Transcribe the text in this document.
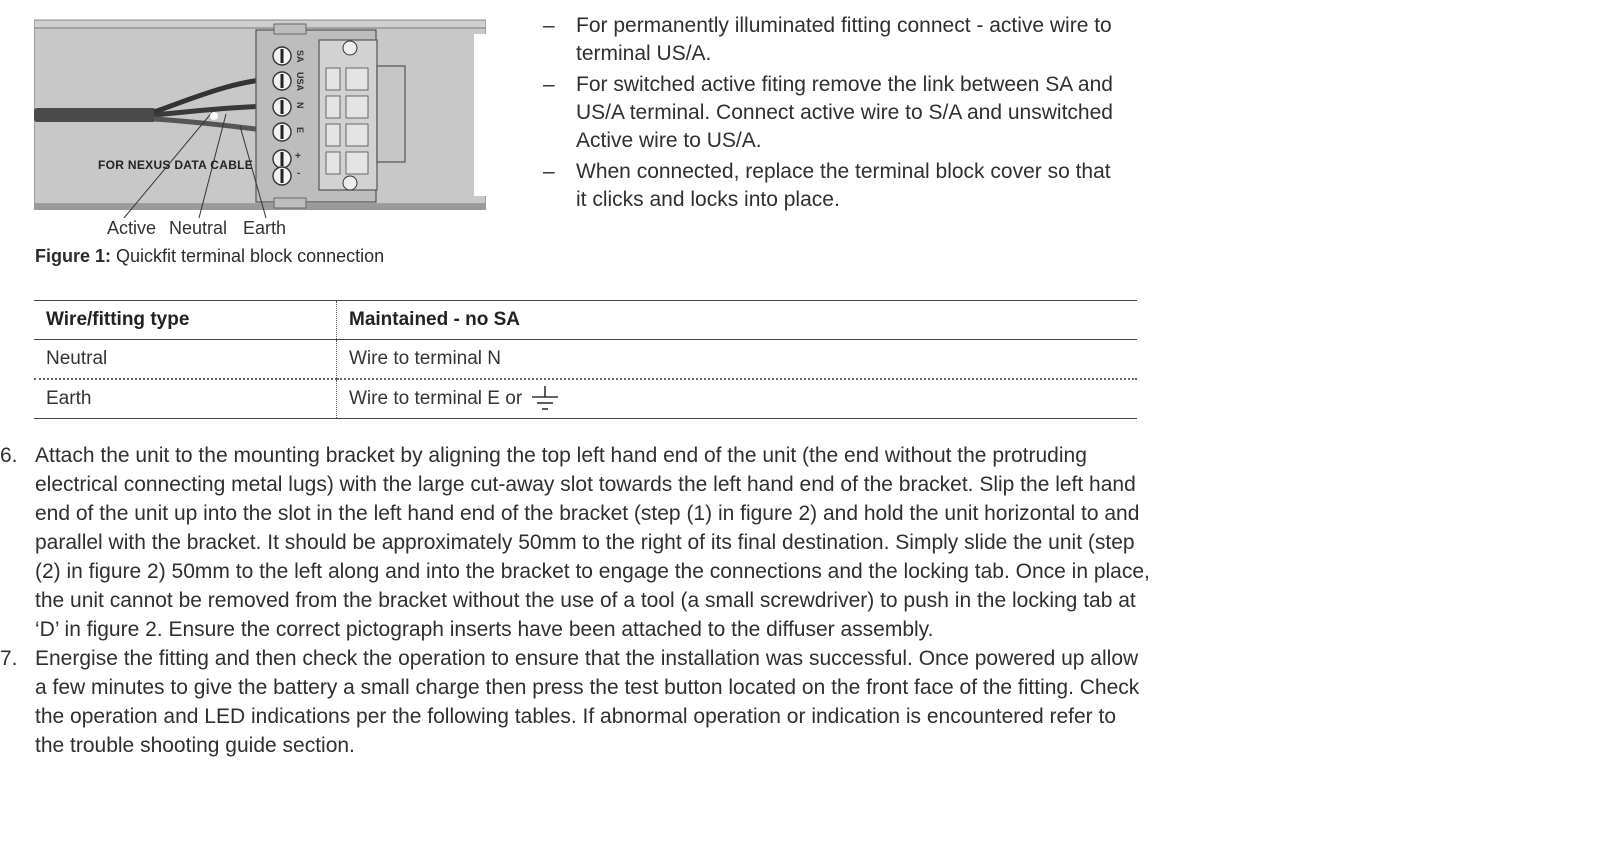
FOR NEXUS DATA CABLE
SA
USA
N
E
+
-
Active Neutral Earth
Figure 1: Quickfit terminal block connection
– For permanently illuminated fitting connect - active wire to terminal US/A.
– For switched active fiting remove the link between SA and US/A terminal. Connect active wire to S/A and unswitched Active wire to US/A.
– When connected, replace the terminal block cover so that it clicks and locks into place.
Wire/fitting type	Maintained - no SA
Neutral	Wire to terminal N
Earth	Wire to terminal E or
6. Attach the unit to the mounting bracket by aligning the top left hand end of the unit (the end without the protruding electrical connecting metal lugs) with the large cut-away slot towards the left hand end of the bracket. Slip the left hand end of the unit up into the slot in the left hand end of the bracket (step (1) in figure 2) and hold the unit horizontal to and parallel with the bracket. It should be approximately 50mm to the right of its final destination. Simply slide the unit (step (2) in figure 2) 50mm to the left along and into the bracket to engage the connections and the locking tab. Once in place, the unit cannot be removed from the bracket without the use of a tool (a small screwdriver) to push in the locking tab at ‘D’ in figure 2. Ensure the correct pictograph inserts have been attached to the diffuser assembly.
7. Energise the fitting and then check the operation to ensure that the installation was successful. Once powered up allow a few minutes to give the battery a small charge then press the test button located on the front face of the fitting. Check the operation and LED indications per the following tables. If abnormal operation or indication is encountered refer to the trouble shooting guide section.
